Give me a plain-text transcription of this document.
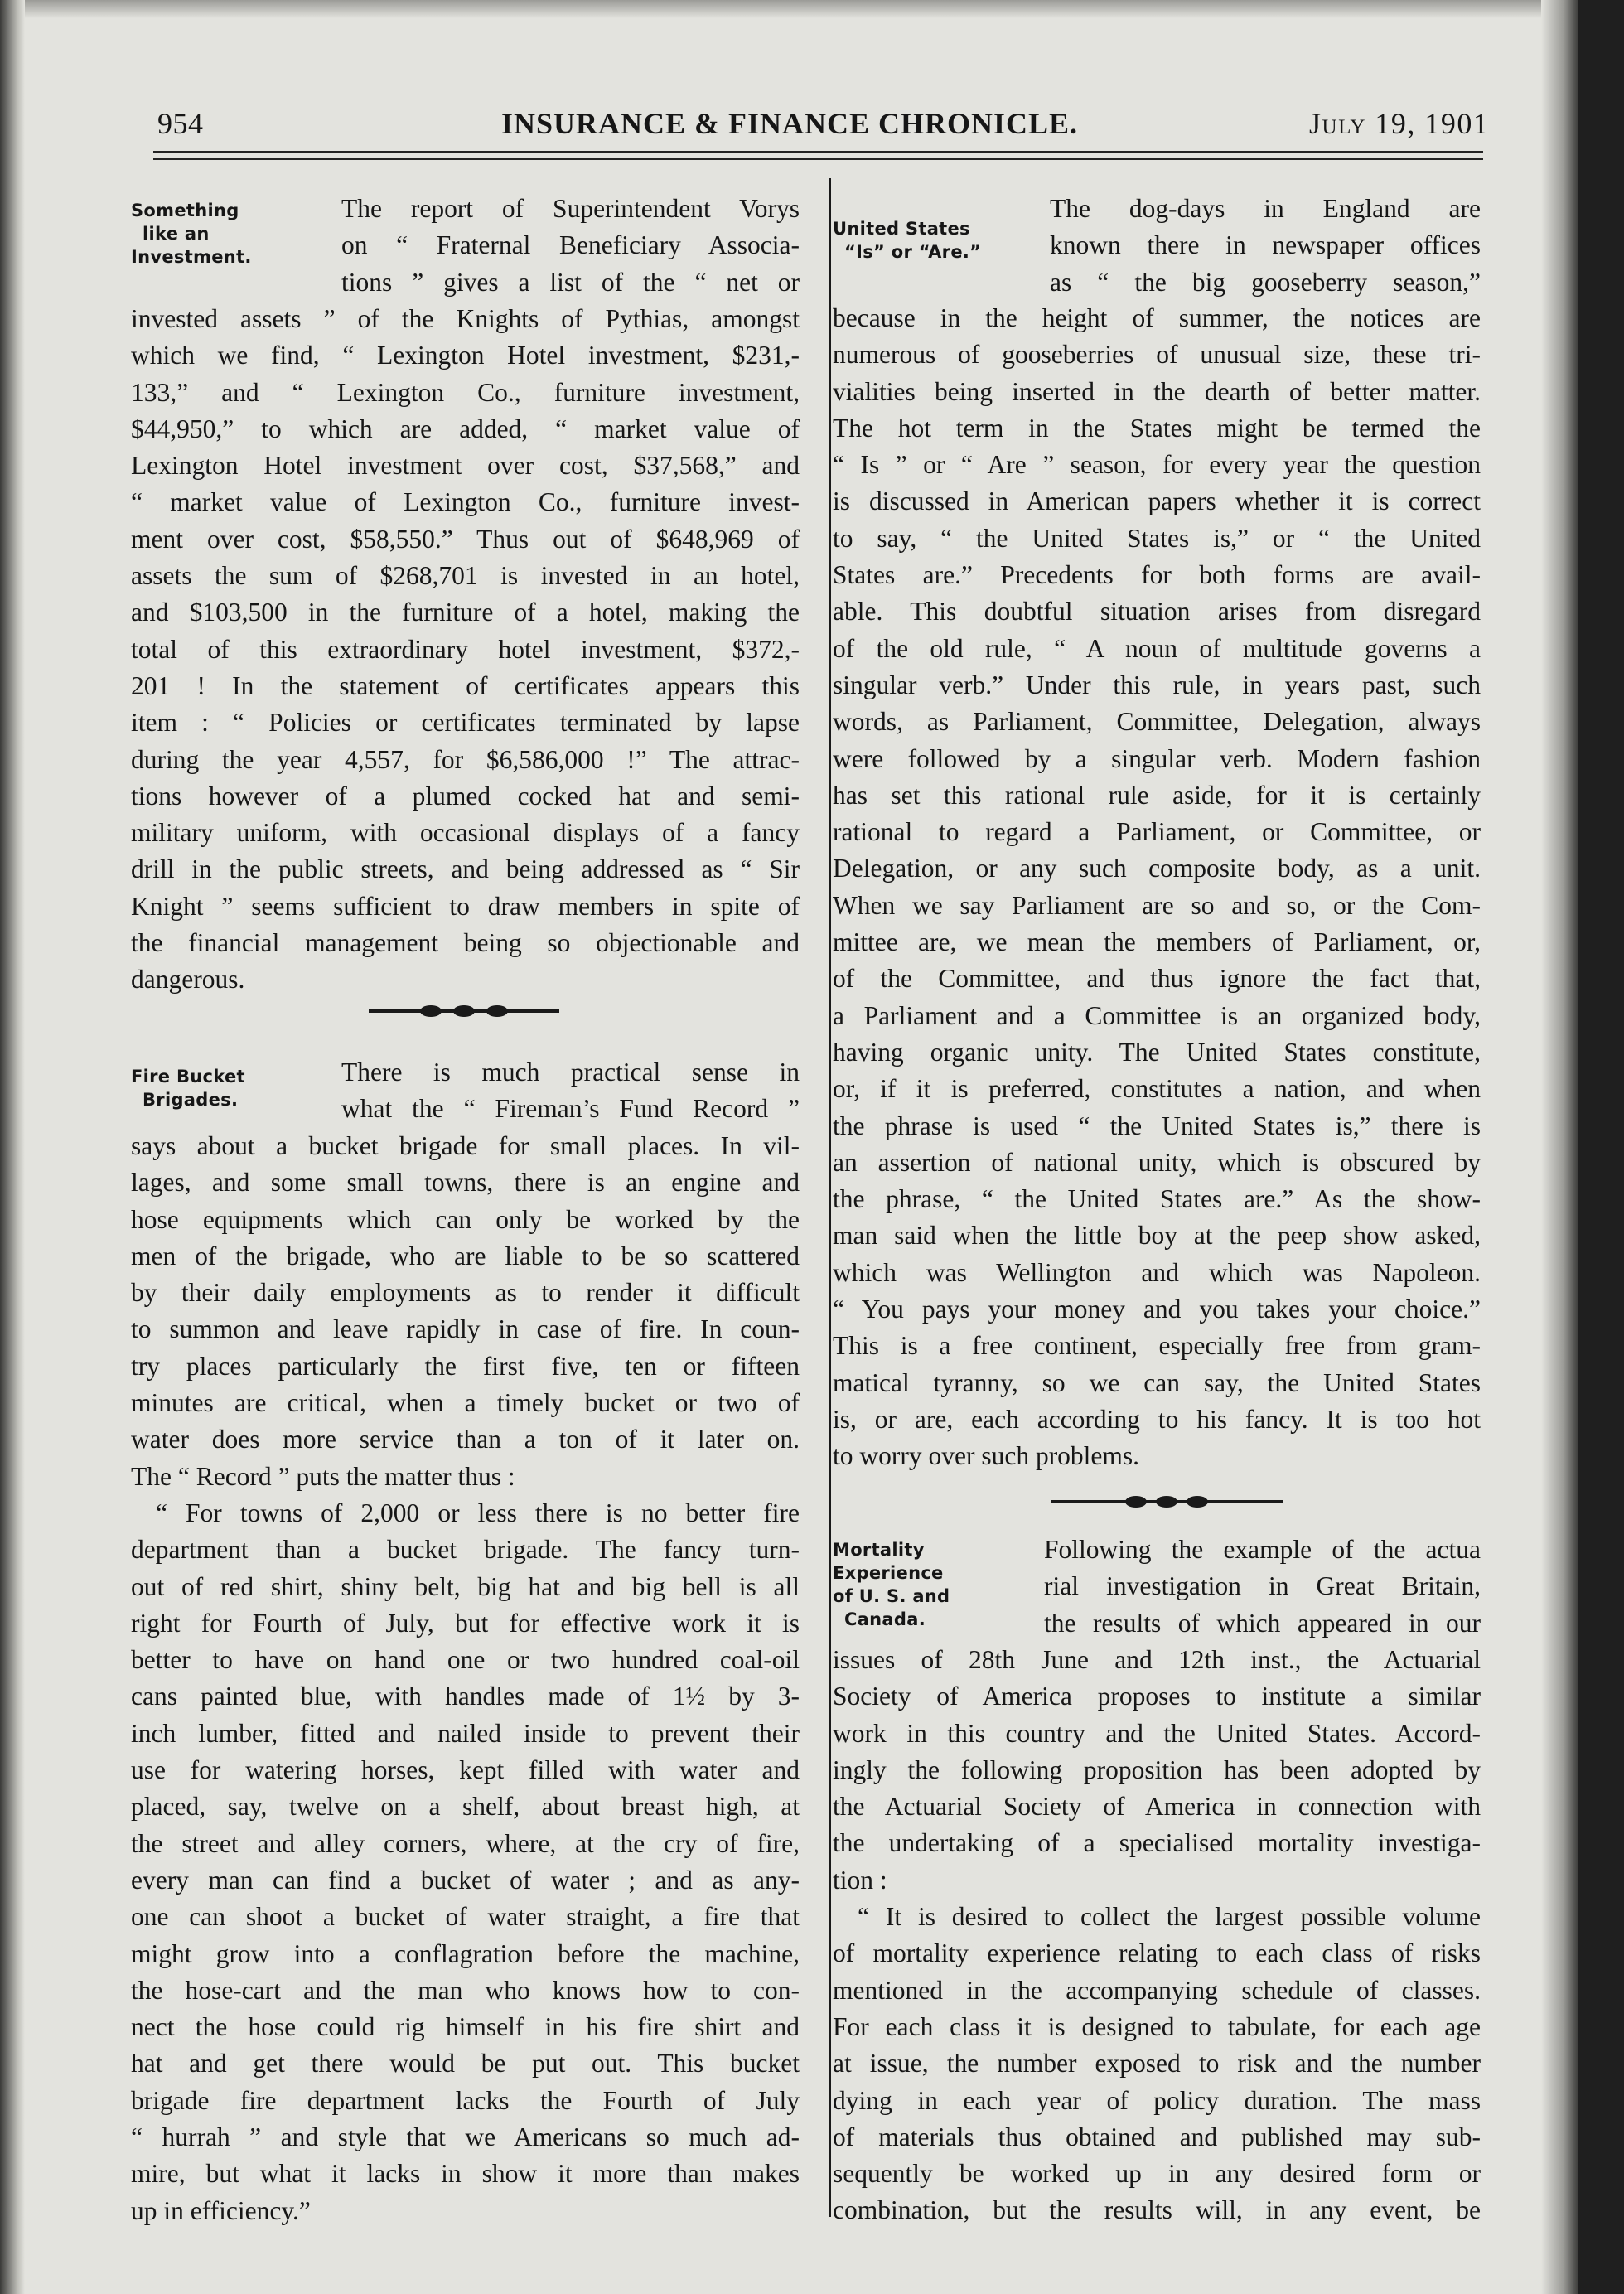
954	INSURANCE & FINANCE CHRONICLE.	July 19, 1901
Something
like an
Investment.

The report of Superintendent Vorys

on “ Fraternal Beneficiary Associa-

tions ” gives a list of the “ net or

invested assets ” of the Knights of Pythias, amongst

which we find, “ Lexington Hotel investment, $231,-

133,” and “ Lexington Co., furniture investment,

$44,950,” to which are added, “ market value of

Lexington Hotel investment over cost, $37,568,” and

“ market value of Lexington Co., furniture invest-

ment over cost, $58,550.” Thus out of $648,969 of

assets the sum of $268,701 is invested in an hotel,

and $103,500 in the furniture of a hotel, making the

total of this extraordinary hotel investment, $372,-

201 ! In the statement of certificates appears this

item : “ Policies or certificates terminated by lapse

during the year 4,557, for $6,586,000 !” The attrac-

tions however of a plumed cocked hat and semi-

military uniform, with occasional displays of a fancy

drill in the public streets, and being addressed as “ Sir

Knight ” seems sufficient to draw members in spite of

the financial management being so objectionable and

dangerous.

Fire Bucket
Brigades.

There is much practical sense in

what the “ Fireman’s Fund Record ”

says about a bucket brigade for small places. In vil-

lages, and some small towns, there is an engine and

hose equipments which can only be worked by the

men of the brigade, who are liable to be so scattered

by their daily employments as to render it difficult

to summon and leave rapidly in case of fire. In coun-

try places particularly the first five, ten or fifteen

minutes are critical, when a timely bucket or two of

water does more service than a ton of it later on.

The “ Record ” puts the matter thus :

“ For towns of 2,000 or less there is no better fire

department than a bucket brigade. The fancy turn-

out of red shirt, shiny belt, big hat and big bell is all

right for Fourth of July, but for effective work it is

better to have on hand one or two hundred coal-oil

cans painted blue, with handles made of 1½ by 3-

inch lumber, fitted and nailed inside to prevent their

use for watering horses, kept filled with water and

placed, say, twelve on a shelf, about breast high, at

the street and alley corners, where, at the cry of fire,

every man can find a bucket of water ; and as any-

one can shoot a bucket of water straight, a fire that

might grow into a conflagration before the machine,

the hose-cart and the man who knows how to con-

nect the hose could rig himself in his fire shirt and

hat and get there would be put out. This bucket

brigade fire department lacks the Fourth of July

“ hurrah ” and style that we Americans so much ad-

mire, but what it lacks in show it more than makes

up in efficiency.”

United States
“Is” or “Are.”

The dog-days in England are

known there in newspaper offices

as “ the big gooseberry season,”

because in the height of summer, the notices are

numerous of gooseberries of unusual size, these tri-

vialities being inserted in the dearth of better matter.

The hot term in the States might be termed the

“ Is ” or “ Are ” season, for every year the question

is discussed in American papers whether it is correct

to say, “ the United States is,” or “ the United

States are.” Precedents for both forms are avail-

able. This doubtful situation arises from disregard

of the old rule, “ A noun of multitude governs a

singular verb.” Under this rule, in years past, such

words, as Parliament, Committee, Delegation, always

were followed by a singular verb. Modern fashion

has set this rational rule aside, for it is certainly

rational to regard a Parliament, or Committee, or

Delegation, or any such composite body, as a unit.

When we say Parliament are so and so, or the Com-

mittee are, we mean the members of Parliament, or,

of the Committee, and thus ignore the fact that,

a Parliament and a Committee is an organized body,

having organic unity. The United States constitute,

or, if it is preferred, constitutes a nation, and when

the phrase is used “ the United States is,” there is

an assertion of national unity, which is obscured by

the phrase, “ the United States are.” As the show-

man said when the little boy at the peep show asked,

which was Wellington and which was Napoleon.

“ You pays your money and you takes your choice.”

This is a free continent, especially free from gram-

matical tyranny, so we can say, the United States

is, or are, each according to his fancy. It is too hot

to worry over such problems.

Mortality
Experience
of U. S. and
Canada.

Following the example of the actua

rial investigation in Great Britain,

the results of which appeared in our

issues of 28th June and 12th inst., the Actuarial

Society of America proposes to institute a similar

work in this country and the United States. Accord-

ingly the following proposition has been adopted by

the Actuarial Society of America in connection with

the undertaking of a specialised mortality investiga-

tion :

“ It is desired to collect the largest possible volume

of mortality experience relating to each class of risks

mentioned in the accompanying schedule of classes.

For each class it is designed to tabulate, for each age

at issue, the number exposed to risk and the number

dying in each year of policy duration. The mass

of materials thus obtained and published may sub-

sequently be worked up in any desired form or

combination, but the results will, in any event, be
